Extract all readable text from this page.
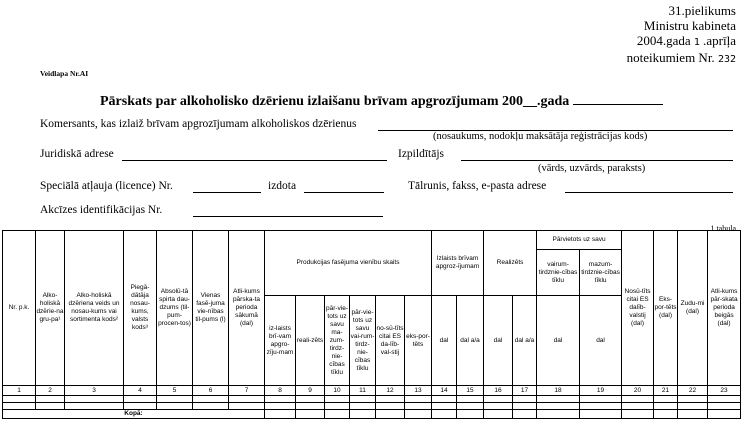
31.pielikums
Ministru kabineta
2004.gada 1 .aprīļa
noteikumiem Nr. 232
Veidlapa Nr.AI
Pārskats par alkoholisko dzērienu izlaišanu brīvam apgrozījumam 200__.gada
Komersants, kas izlaiž brīvam apgrozījumam alkoholiskos dzērienus
(nosaukums, nodokļu maksātāja reģistrācijas kods)
Juridiskā adrese	Izpildītājs
(vārds, uzvārds, paraksts)
Speciālā atļauja (licence) Nr.	izdota	Tālrunis, fakss, e-pasta adrese
Akcīzes identifikācijas Nr.
1.tabula
Nr. p.k.	Alko-holiskā dzērie-na gru-pa¹	Alko-holiskā dzēriena veids un nosau-kums vai sortimenta kods²	Piegā-dātāja nosau-kums, valsts kods³	Absolū-tā spirta dau-dzums (til-pum-procen-tos)	Vienas fasē-juma vie-nības til-pums (l)	Atli-kums pārska-ta perioda sākumā (dal)	Produkcijas fasējuma vienību skaits						Izlaists brīvam apgroz-ījumam		Realizēts		Pārvietots uz savu		Nosū-tīts citai ES dalīb-valstij (dal)	Eks-por-tēts (dal)	Zudu-mi (dal)	Atli-kums pār-skata perioda beigās (dal)
																	vairum-tirdznie-cības tīklu	mazum-tirdznie-cības tīklu				
							iz-laists brī-vam apgro-zīju-mam	reali-zēts	pār-vie-tots uz savu ma-zum-tirdz-nie-cības tīklu	pār-vie-tots uz savu vai-rum-tirdz-nie-cības tīklu	no-sū-tīts citai ES da-līb-val-stij	eks-por-tēts	dal	dal a/a	dal	dal a/a	dal	dal				
1	2	3	4	5	6	7	8	9	10	11	12	13	14	15	16	17	18	19	20	21	22	23

Kopā:																						
